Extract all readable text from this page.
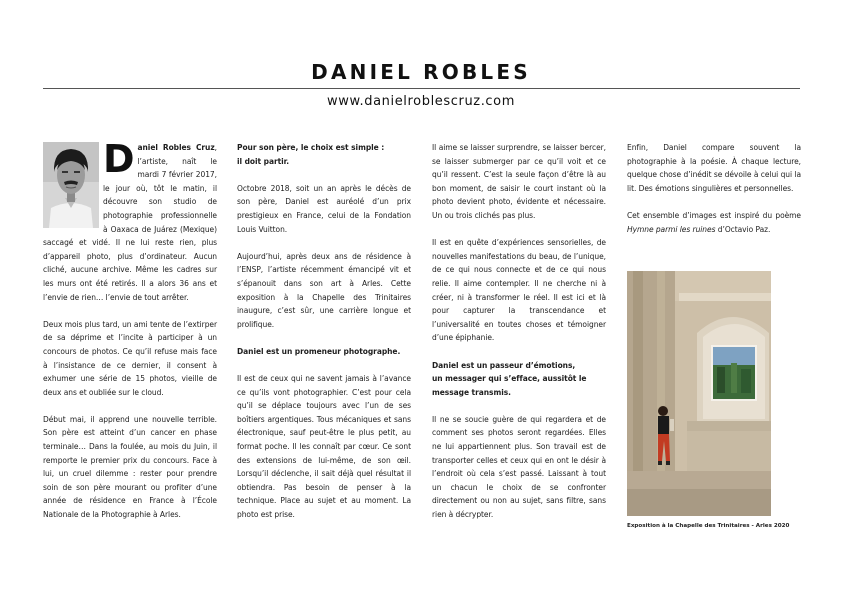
DANIEL ROBLES
www.danielroblescruz.com

Daniel Robles Cruz, l’artiste, naît le mardi 7 février 2017, le jour où, tôt le matin, il découvre son studio de photographie professionnelle à Oaxaca de Juárez (Mexique) saccagé et vidé. Il ne lui reste rien, plus d’appareil photo, plus d’ordinateur. Aucun cliché, aucune archive. Même les cadres sur les murs ont été retirés. Il a alors 36 ans et l’envie de rien… l’envie de tout arrêter.

Deux mois plus tard, un ami tente de l’extirper de sa déprime et l’incite à participer à un concours de photos. Ce qu’il refuse mais face à l’insistance de ce dernier, il consent à exhumer une série de 15 photos, vieille de deux ans et oubliée sur le cloud.

Début mai, il apprend une nouvelle terrible. Son père est atteint d’un cancer en phase terminale… Dans la foulée, au mois du Juin, il remporte le premier prix du concours. Face à lui, un cruel dilemme : rester pour prendre soin de son père mourant ou profiter d’une année de résidence en France à l’École Nationale de la Photographie à Arles.

Pour son père, le choix est simple :
il doit partir.

Octobre 2018, soit un an après le décès de son père, Daniel est auréolé d’un prix prestigieux en France, celui de la Fondation Louis Vuitton.

Aujourd’hui, après deux ans de résidence à l’ENSP, l’artiste récemment émancipé vit et s’épanouit dans son art à Arles. Cette exposition à la Chapelle des Trinitaires inaugure, c’est sûr, une carrière longue et prolifique.

Daniel est un promeneur photographe.

Il est de ceux qui ne savent jamais à l’avance ce qu’ils vont photographier. C’est pour cela qu’il se déplace toujours avec l’un de ses boîtiers argentiques. Tous mécaniques et sans électronique, sauf peut-être le plus petit, au format poche. Il les connaît par cœur. Ce sont des extensions de lui-même, de son œil. Lorsqu’il déclenche, il sait déjà quel résultat il obtiendra. Pas besoin de penser à la technique. Place au sujet et au moment. La photo est prise.

Il aime se laisser surprendre, se laisser bercer, se laisser submerger par ce qu’il voit et ce qu’il ressent. C’est la seule façon d’être là au bon moment, de saisir le court instant où la photo devient photo, évidente et nécessaire. Un ou trois clichés pas plus.

Il est en quête d’expériences sensorielles, de nouvelles manifestations du beau, de l’unique, de ce qui nous connecte et de ce qui nous relie. Il aime contempler. Il ne cherche ni à créer, ni à transformer le réel. Il est ici et là pour capturer la transcendance et l’universalité en toutes choses et témoigner d’une épiphanie.

Daniel est un passeur d’émotions,
un messager qui s’efface, aussitôt le
message transmis.

Il ne se soucie guère de qui regardera et de comment ses photos seront regardées. Elles ne lui appartiennent plus. Son travail est de transporter celles et ceux qui en ont le désir à l’endroit où cela s’est passé. Laissant à tout un chacun le choix de se confronter directement ou non au sujet, sans filtre, sans rien à décrypter.

Enfin, Daniel compare souvent la photographie à la poésie. À chaque lecture, quelque chose d’inédit se dévoile à celui qui la lit. Des émotions singulières et personnelles.

Cet ensemble d’images est inspiré du poème Hymne parmi les ruines d’Octavio Paz.

Exposition à la Chapelle des Trinitaires - Arles 2020
